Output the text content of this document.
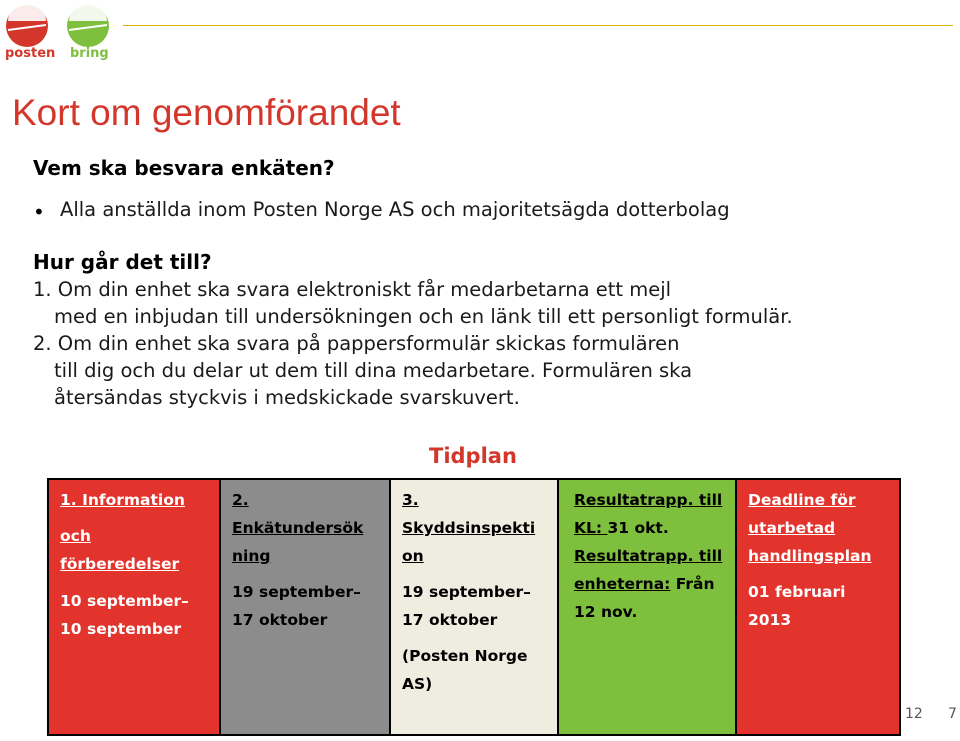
posten bring
Kort om genomförandet
Vem ska besvara enkäten?
• Alla anställda inom Posten Norge AS och majoritetsägda dotterbolag
Hur går det till?
1. Om din enhet ska svara elektroniskt får medarbetarna ett mejl
med en inbjudan till undersökningen och en länk till ett personligt formulär.
2. Om din enhet ska svara på pappersformulär skickas formulären
till dig och du delar ut dem till dina medarbetare. Formulären ska
återsändas styckvis i medskickade svarskuvert.
Tidplan
1. Information
och
förberedelser
10 september–
10 september
2.
Enkätundersök
ning
19 september–
17 oktober
3.
Skyddsinspekti
on
19 september–
17 oktober
(Posten Norge
AS)
Resultatrapp. till
KL: 31 okt.
Resultatrapp. till
enheterna: Från
12 nov.
Deadline för
utarbetad
handlingsplan
01 februari
2013
12 7
